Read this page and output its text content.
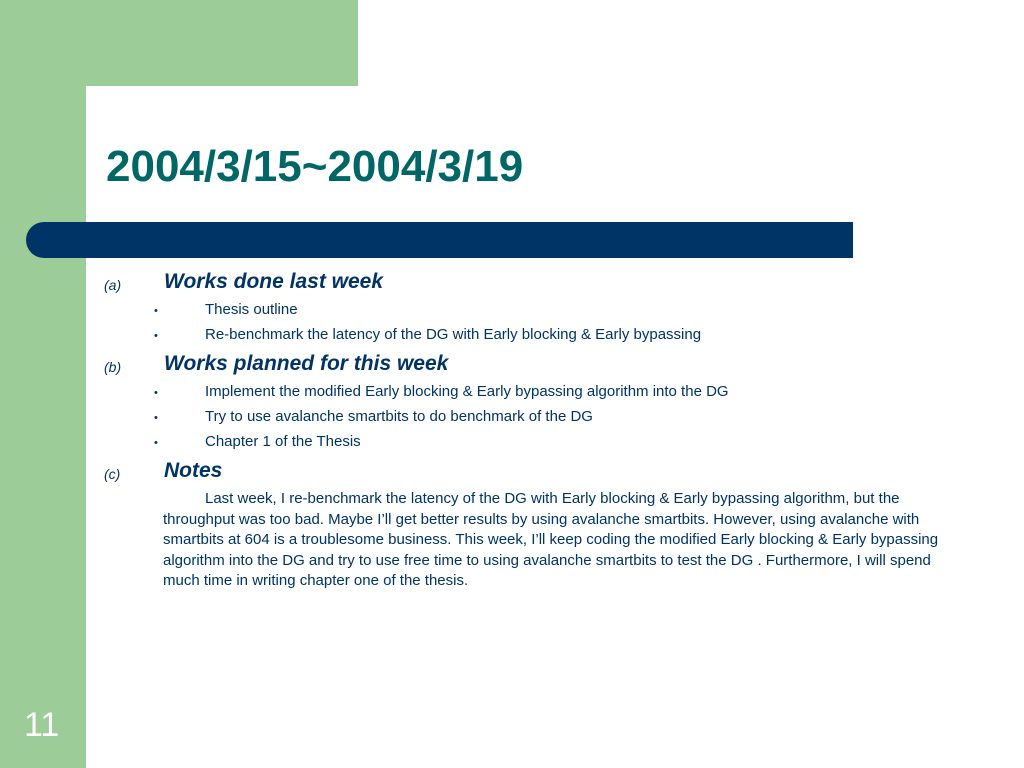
2004/3/15~2004/3/19
(a) Works done last week
•	Thesis outline
•	Re-benchmark the latency of the DG with Early blocking & Early bypassing
(b) Works planned for this week
•	Implement the modified Early blocking & Early bypassing algorithm into the DG
•	Try to use avalanche smartbits to do benchmark of the DG
•	Chapter 1 of the Thesis
(c) Notes

Last week, I re-benchmark the latency of the DG with Early blocking & Early bypassing algorithm, but the throughput was too bad. Maybe I’ll get better results by using avalanche smartbits. However, using avalanche with smartbits at 604 is a troublesome business. This week, I’ll keep coding the modified Early blocking & Early bypassing algorithm into the DG and try to use free time to using avalanche smartbits to test the DG . Furthermore, I will spend much time in writing chapter one of the thesis.

11
